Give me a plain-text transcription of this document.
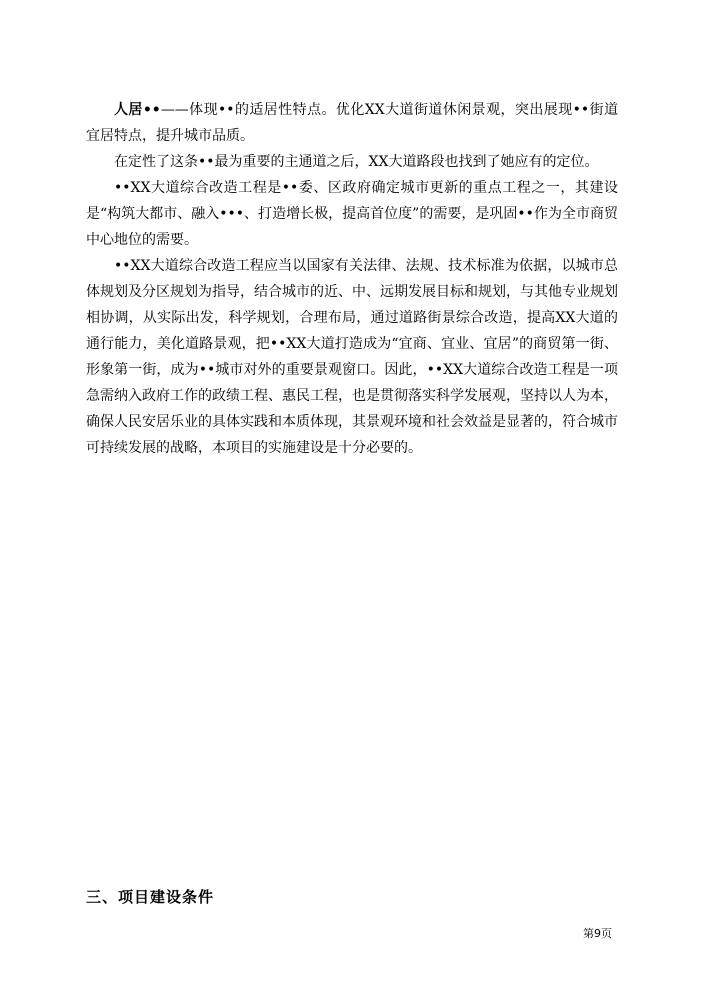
人居••——体现••的适居性特点。优化XX大道街道休闲景观，突出展现••街道宜居特点，提升城市品质。

在定性了这条••最为重要的主通道之后，XX大道路段也找到了她应有的定位。

••XX大道综合改造工程是••委、区政府确定城市更新的重点工程之一，其建设是“构筑大都市、融入•••、打造增长极，提高首位度”的需要，是巩固••作为全市商贸中心地位的需要。

••XX大道综合改造工程应当以国家有关法律、法规、技术标准为依据，以城市总体规划及分区规划为指导，结合城市的近、中、远期发展目标和规划，与其他专业规划相协调，从实际出发，科学规划，合理布局，通过道路街景综合改造，提高XX大道的通行能力，美化道路景观，把••XX大道打造成为“宜商、宜业、宜居”的商贸第一街、形象第一街，成为••城市对外的重要景观窗口。因此，••XX大道综合改造工程是一项急需纳入政府工作的政绩工程、惠民工程，也是贯彻落实科学发展观，坚持以人为本，确保人民安居乐业的具体实践和本质体现，其景观环境和社会效益是显著的，符合城市可持续发展的战略，本项目的实施建设是十分必要的。

三、项目建设条件
第9页
